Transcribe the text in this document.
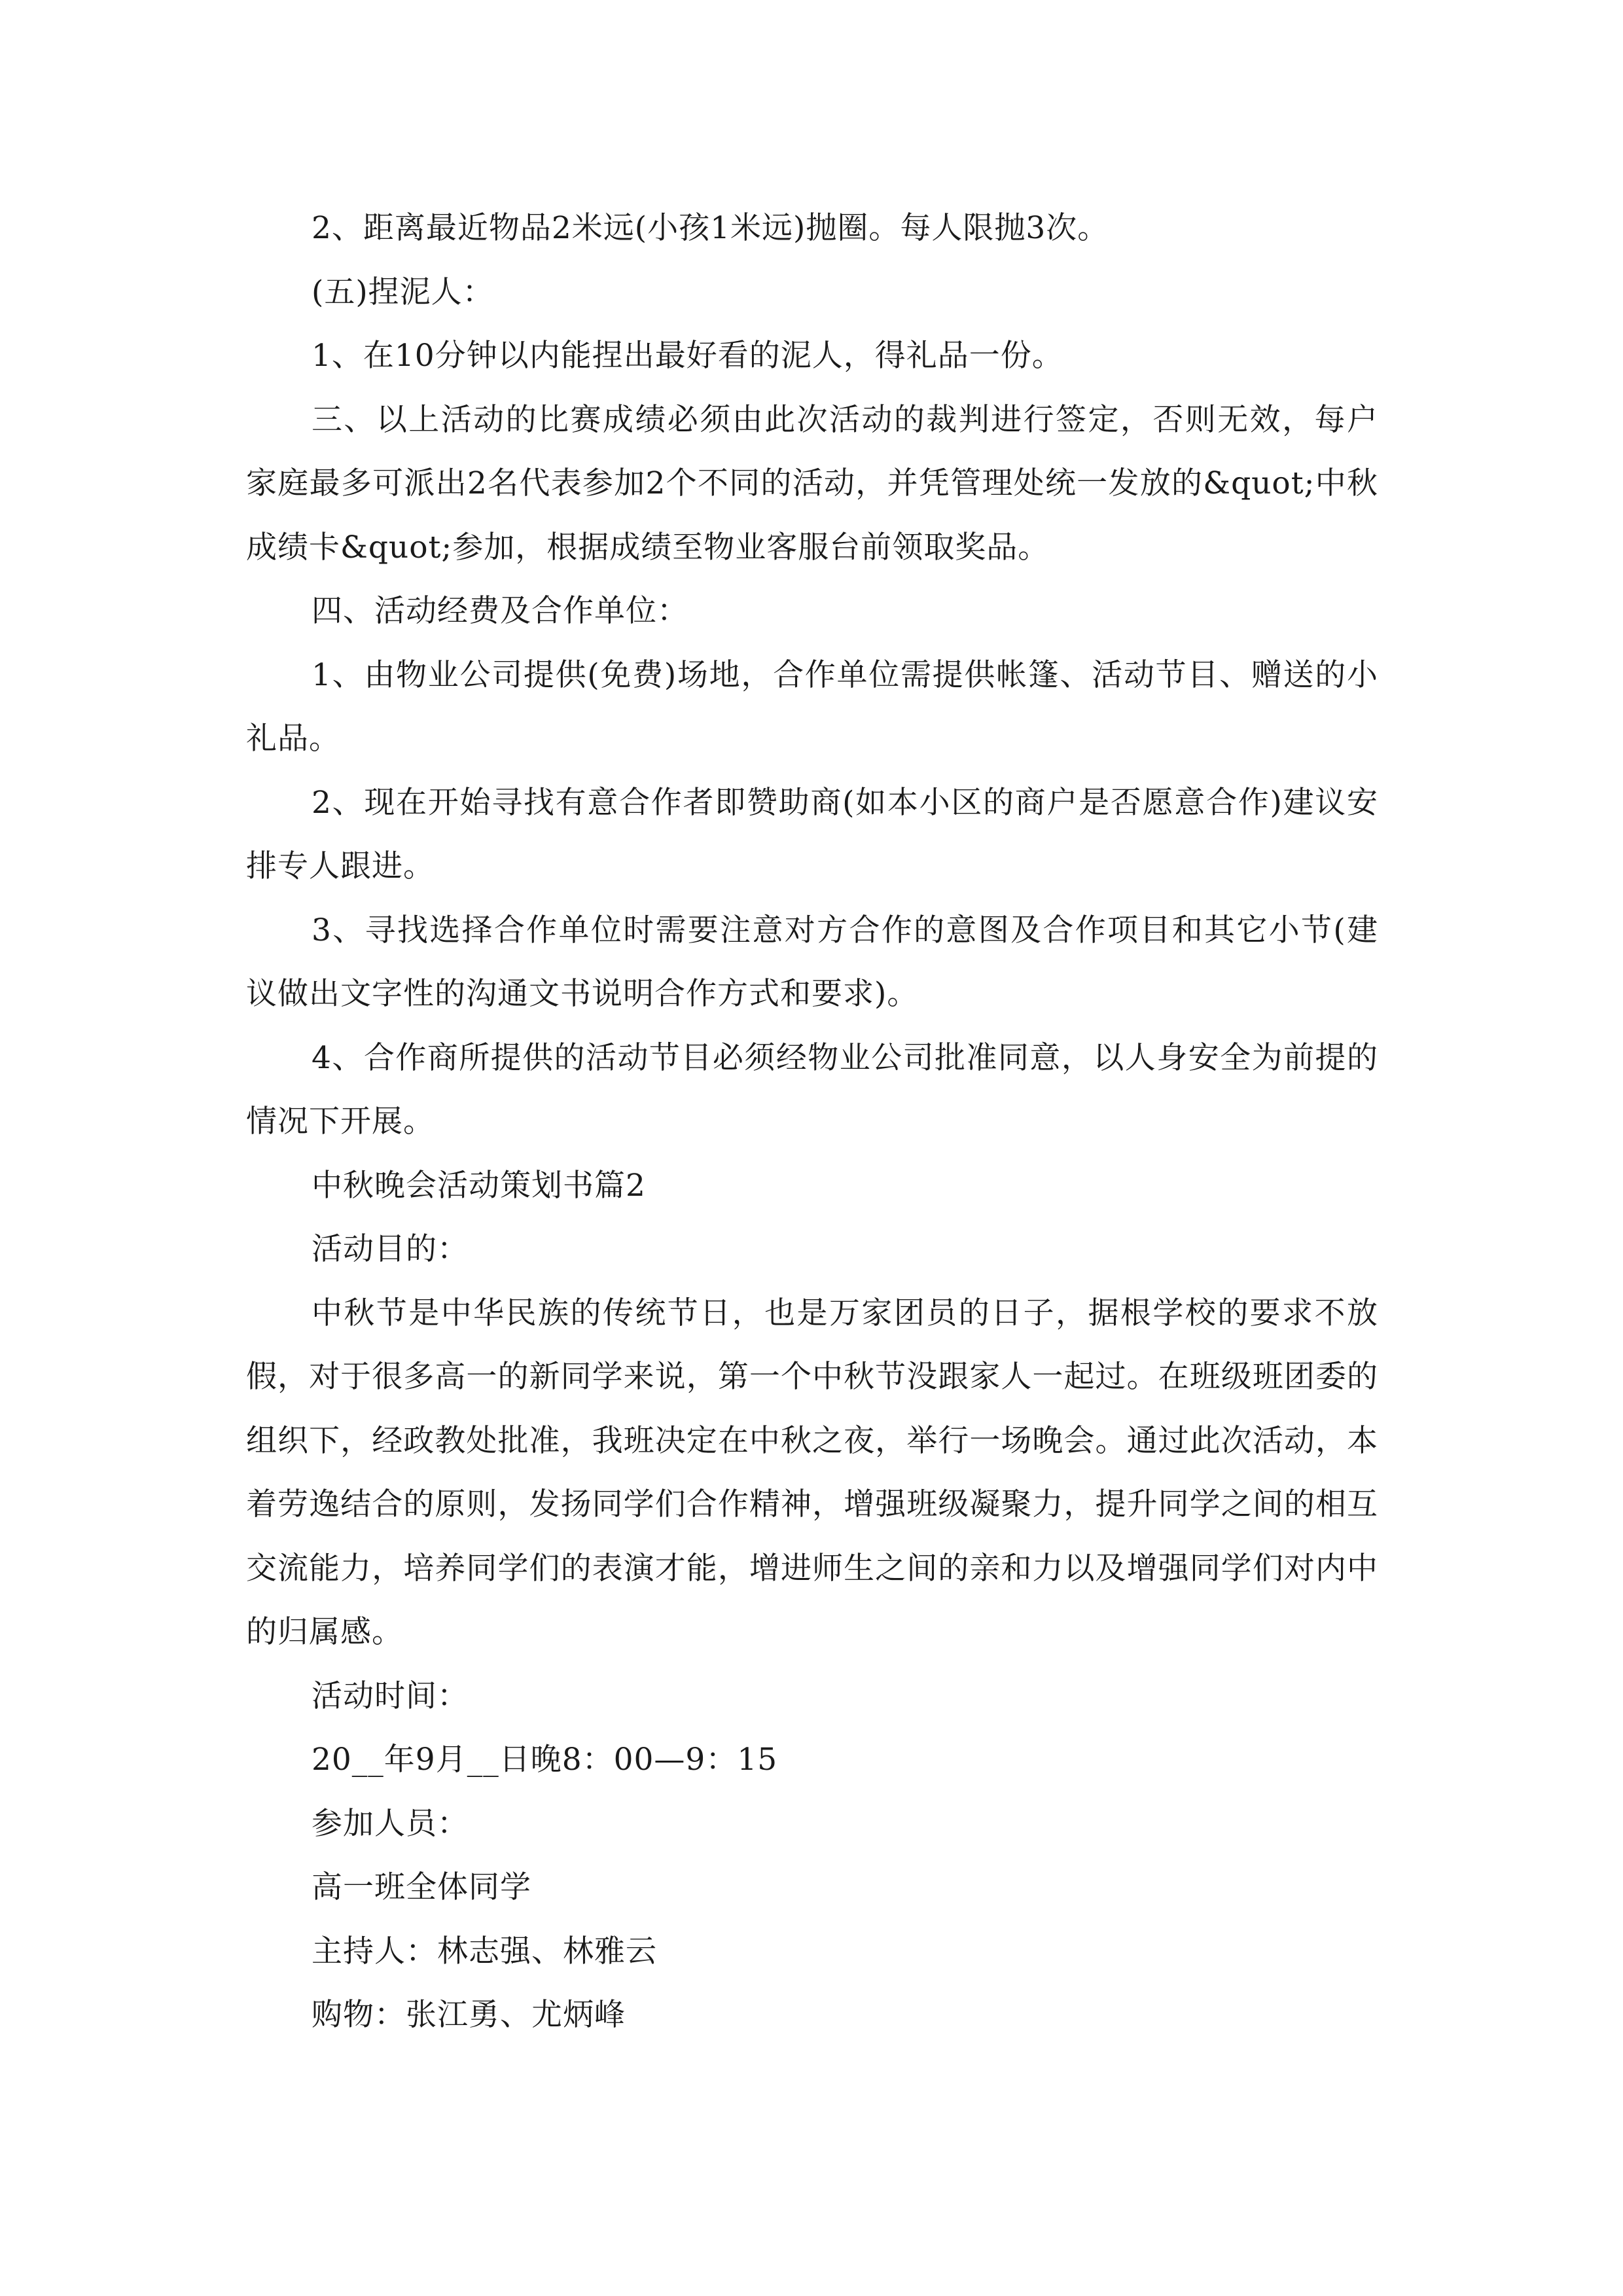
2、距离最近物品2米远(小孩1米远)抛圈。每人限抛3次。

(五)捏泥人：

1、在10分钟以内能捏出最好看的泥人，得礼品一份。

三、以上活动的比赛成绩必须由此次活动的裁判进行签定，否则无效，每户家庭最多可派出2名代表参加2个不同的活动，并凭管理处统一发放的&quot;中秋成绩卡&quot;参加，根据成绩至物业客服台前领取奖品。

四、活动经费及合作单位：

1、由物业公司提供(免费)场地，合作单位需提供帐篷、活动节目、赠送的小礼品。

2、现在开始寻找有意合作者即赞助商(如本小区的商户是否愿意合作)建议安排专人跟进。

3、寻找选择合作单位时需要注意对方合作的意图及合作项目和其它小节(建议做出文字性的沟通文书说明合作方式和要求)。

4、合作商所提供的活动节目必须经物业公司批准同意，以人身安全为前提的情况下开展。

中秋晚会活动策划书篇2

活动目的：

中秋节是中华民族的传统节日，也是万家团员的日子，据根学校的要求不放假，对于很多高一的新同学来说，第一个中秋节没跟家人一起过。在班级班团委的组织下，经政教处批准，我班决定在中秋之夜，举行一场晚会。通过此次活动，本着劳逸结合的原则，发扬同学们合作精神，增强班级凝聚力，提升同学之间的相互交流能力，培养同学们的表演才能，增进师生之间的亲和力以及增强同学们对内中的归属感。

活动时间：

20__年9月__日晚8：00—9：15

参加人员：

高一班全体同学

主持人：林志强、林雅云

购物：张江勇、尤炳峰
